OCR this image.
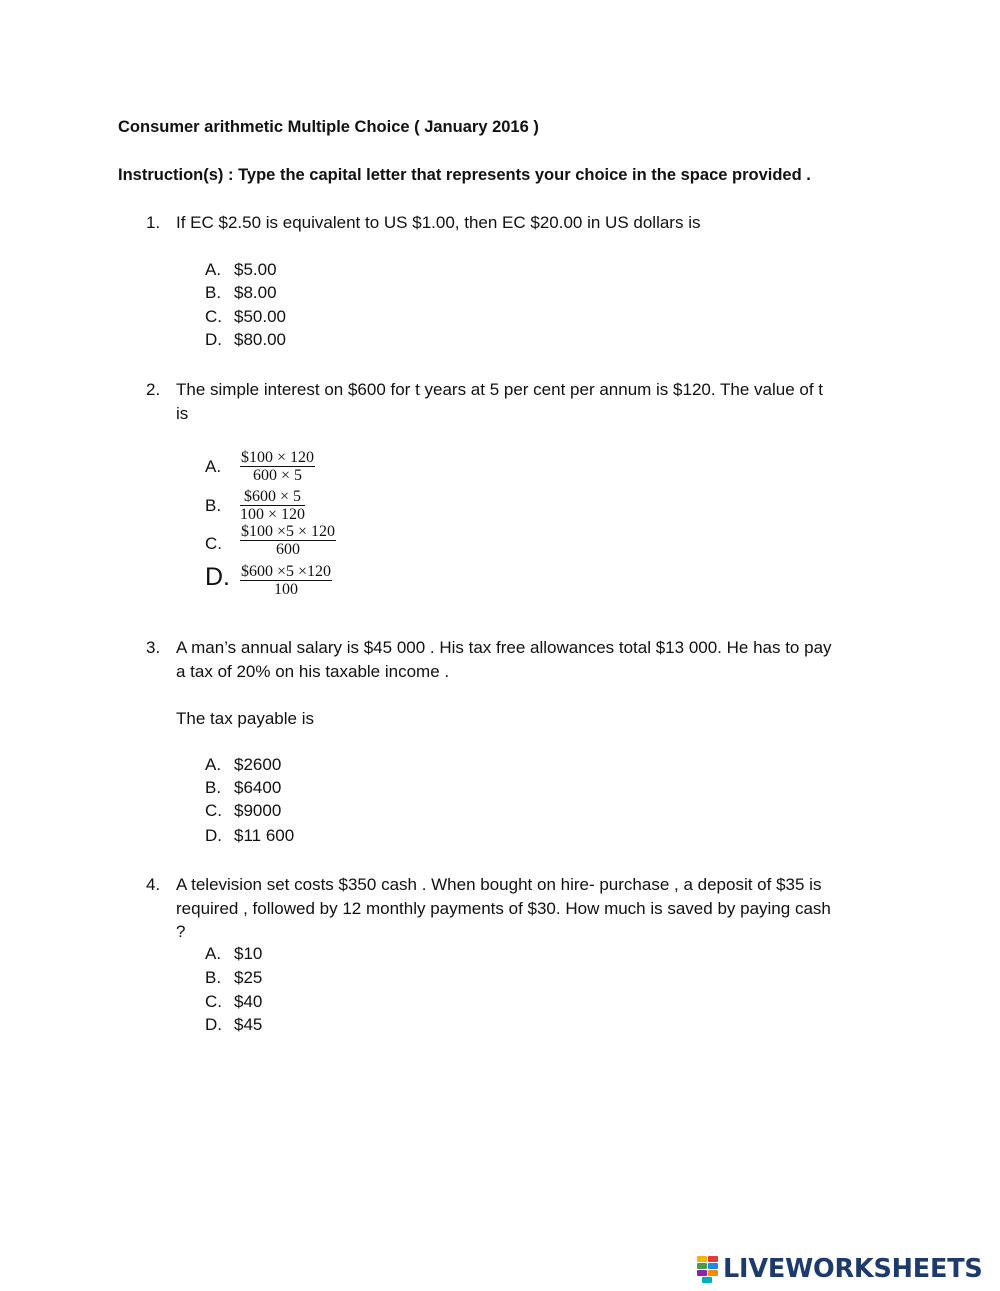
Consumer arithmetic Multiple Choice ( January 2016 )
Instruction(s) : Type the capital letter that represents your choice in the space provided .
1. If EC $2.50 is equivalent to US $1.00, then EC $20.00 in US dollars is
A. $5.00
B. $8.00
C. $50.00
D. $80.00
2. The simple interest on $600 for t years at 5 per cent per annum is $120. The value of t
is
A. $\frac{\$100 \times 120}{600 \times 5}$
B. $\frac{\$600 \times 5}{100 \times 120}$
C. $\frac{\$100 \times 5 \times 120}{600}$
D. $\frac{\$600 \times 5 \times 120}{100}$
3. A man’s annual salary is $45 000 . His tax free allowances total $13 000. He has to pay
a tax of 20% on his taxable income .
The tax payable is
A. $2600
B. $6400
C. $9000
D. $11 600
4. A television set costs $350 cash . When bought on hire- purchase , a deposit of $35 is
required , followed by 12 monthly payments of $30. How much is saved by paying cash
?
A. $10
B. $25
C. $40
D. $45
LIVEWORKSHEETS
